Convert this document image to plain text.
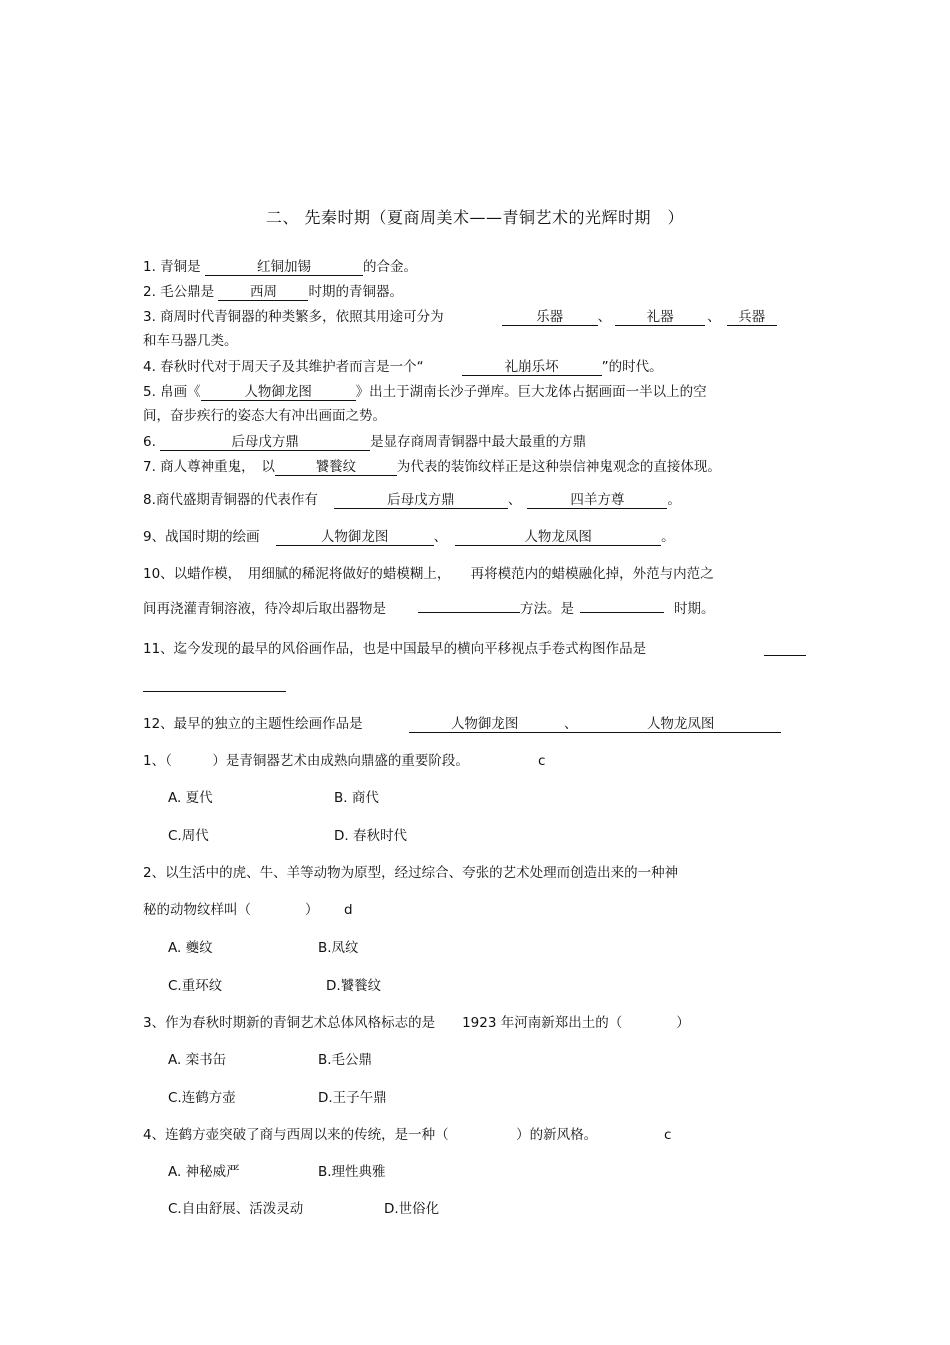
二、 先秦时期（夏商周美术——青铜艺术的光辉时期　）
1. 青铜是	红铜加锡	的合金。
2. 毛公鼎是 西周 时期的青铜器。
3. 商周时代青铜器的种类繁多，依照其用途可分为	乐器	、	礼器 、 兵器
和车马器几类。
4. 春秋时代对于周天子及其维护者而言是一个“	礼崩乐坏	”的时代。
5. 帛画《	人物御龙图	》出土于湖南长沙子弹库。巨大龙体占据画面一半以上的空
间，奋步疾行的姿态大有冲出画面之势。
6.	后母戊方鼎	是显存商周青铜器中最大最重的方鼎
7. 商人尊神重鬼，　以	饕餮纹	为代表的装饰纹样正是这种崇信神鬼观念的直接体现。
8.商代盛期青铜器的代表作有	后母戊方鼎	、	四羊方尊	。
9、战国时期的绘画	人物御龙图	、	人物龙凤图	。
10、以蜡作模，　用细腻的稀泥将做好的蜡模糊上，　　再将模范内的蜡模融化掉，外范与内范之
间再浇灌青铜溶液，待冷却后取出器物是	方法。是	时期。
11、迄今发现的最早的风俗画作品，也是中国最早的横向平移视点手卷式构图作品是
12、最早的独立的主题性绘画作品是	人物御龙图	、	人物龙凤图
1、（　　　）是青铜器艺术由成熟向鼎盛的重要阶段。	c
A. 夏代	B. 商代
C.周代	D. 春秋时代
2、以生活中的虎、牛、羊等动物为原型，经过综合、夸张的艺术处理而创造出来的一种神
秘的动物纹样叫（　　　　） d
A. 夔纹	B.凤纹
C.重环纹	D.饕餮纹
3、作为春秋时期新的青铜艺术总体风格标志的是　　1923 年河南新郑出土的（　　　　）
A. 栾书缶	B.毛公鼎
C.连鹤方壶	D.王子午鼎
4、连鹤方壶突破了商与西周以来的传统，是一种（　　　　　）的新风格。	c
A. 神秘威严	B.理性典雅
C.自由舒展、活泼灵动	D.世俗化
